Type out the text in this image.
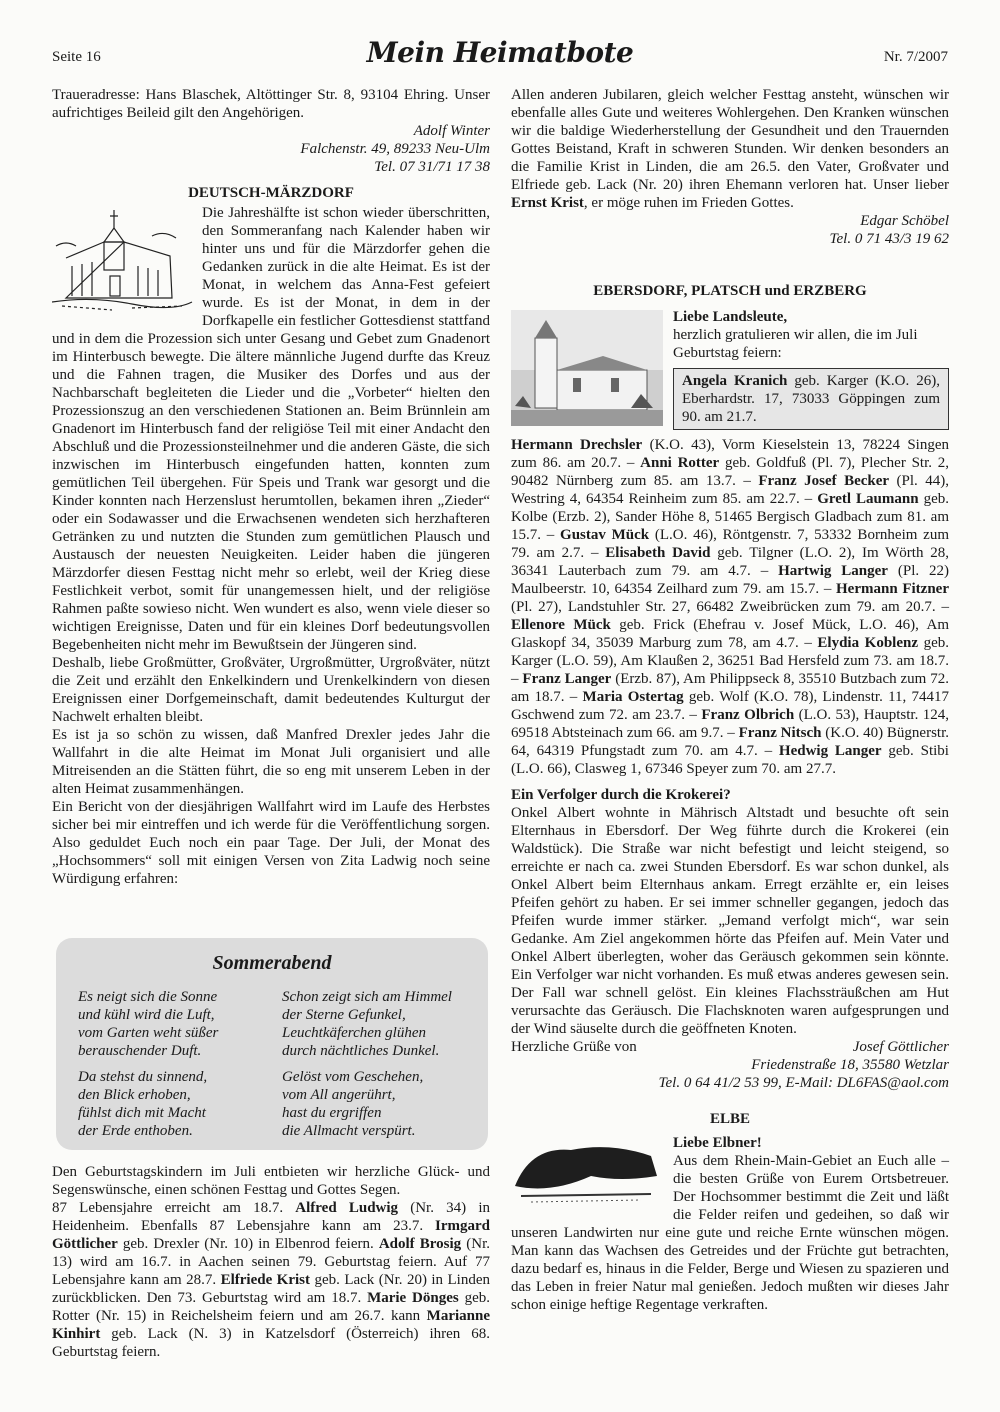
Seite 16	Mein Heimatbote	Nr. 7/2007

Traueradresse: Hans Blaschek, Altöttinger Str. 8, 93104 Ehring. Unser aufrichtiges Beileid gilt den Angehörigen.

Adolf Winter

Falchenstr. 49, 89233 Neu-Ulm

Tel. 07 31/71 17 38

DEUTSCH-MÄRZDORF

Die Jahreshälfte ist schon wieder überschritten, den Sommeranfang nach Kalender haben wir hinter uns und für die Märzdorfer gehen die Gedanken zurück in die alte Heimat. Es ist der Monat, in welchem das Anna-Fest gefeiert wurde. Es ist der Monat, in dem in der Dorfkapelle ein festlicher Gottesdienst stattfand und in dem die Prozession sich unter Gesang und Gebet zum Gnadenort im Hinterbusch bewegte. Die ältere männliche Jugend durfte das Kreuz und die Fahnen tragen, die Musiker des Dorfes und aus der Nachbarschaft begleiteten die Lieder und die „Vorbeter“ hielten den Prozessionszug an den verschiedenen Stationen an. Beim Brünnlein am Gnadenort im Hinterbusch fand der religiöse Teil mit einer Andacht den Abschluß und die Prozessionsteilnehmer und die anderen Gäste, die sich inzwischen im Hinterbusch eingefunden hatten, konnten zum gemütlichen Teil übergehen. Für Speis und Trank war gesorgt und die Kinder konnten nach Herzenslust herumtollen, bekamen ihren „Zieder“ oder ein Sodawasser und die Erwachsenen wendeten sich herzhafteren Getränken zu und nutzten die Stunden zum gemütlichen Plausch und Austausch der neuesten Neuigkeiten. Leider haben die jüngeren Märzdorfer diesen Festtag nicht mehr so erlebt, weil der Krieg diese Festlichkeit verbot, somit für unangemessen hielt, und der religiöse Rahmen paßte sowieso nicht. Wen wundert es also, wenn viele dieser so wichtigen Ereignisse, Daten und für ein kleines Dorf bedeutungsvollen Begebenheiten nicht mehr im Bewußtsein der Jüngeren sind.

Deshalb, liebe Großmütter, Großväter, Urgroßmütter, Urgroßväter, nützt die Zeit und erzählt den Enkelkindern und Urenkelkindern von diesen Ereignissen einer Dorfgemeinschaft, damit bedeutendes Kulturgut der Nachwelt erhalten bleibt.

Es ist ja so schön zu wissen, daß Manfred Drexler jedes Jahr die Wallfahrt in die alte Heimat im Monat Juli organisiert und alle Mitreisenden an die Stätten führt, die so eng mit unserem Leben in der alten Heimat zusammenhängen.

Ein Bericht von der diesjährigen Wallfahrt wird im Laufe des Herbstes sicher bei mir eintreffen und ich werde für die Veröffentlichung sorgen. Also geduldet Euch noch ein paar Tage. Der Juli, der Monat des „Hochsommers“ soll mit einigen Versen von Zita Ladwig noch seine Würdigung erfahren:

Sommerabend
Es neigt sich die Sonne
und kühl wird die Luft,
vom Garten weht süßer
berauschender Duft.
Schon zeigt sich am Himmel
der Sterne Gefunkel,
Leuchtkäferchen glühen
durch nächtliches Dunkel.
Da stehst du sinnend,
den Blick erhoben,
fühlst dich mit Macht
der Erde enthoben.
Gelöst vom Geschehen,
vom All angerührt,
hast du ergriffen
die Allmacht verspürt.

Den Geburtstagskindern im Juli entbieten wir herzliche Glück- und Segenswünsche, einen schönen Festtag und Gottes Segen.

87 Lebensjahre erreicht am 18.7. Alfred Ludwig (Nr. 34) in Heidenheim. Ebenfalls 87 Lebensjahre kann am 23.7. Irmgard Göttlicher geb. Drexler (Nr. 10) in Elbenrod feiern. Adolf Brosig (Nr. 13) wird am 16.7. in Aachen seinen 79. Geburtstag feiern. Auf 77 Lebensjahre kann am 28.7. Elfriede Krist geb. Lack (Nr. 20) in Linden zurückblicken. Den 73. Geburtstag wird am 18.7. Marie Dönges geb. Rotter (Nr. 15) in Reichelsheim feiern und am 26.7. kann Marianne Kinhirt geb. Lack (N. 3) in Katzelsdorf (Österreich) ihren 68. Geburtstag feiern.

Allen anderen Jubilaren, gleich welcher Festtag ansteht, wünschen wir ebenfalle alles Gute und weiteres Wohlergehen. Den Kranken wünschen wir die baldige Wiederherstellung der Gesundheit und den Trauernden Gottes Beistand, Kraft in schweren Stunden. Wir denken besonders an die Familie Krist in Linden, die am 26.5. den Vater, Großvater und Elfriede geb. Lack (Nr. 20) ihren Ehemann verloren hat. Unser lieber Ernst Krist, er möge ruhen im Frieden Gottes.

Edgar Schöbel

Tel. 0 71 43/3 19 62

EBERSDORF, PLATSCH und ERZBERG

Liebe Landsleute,

herzlich gratulieren wir allen, die im Juli Geburtstag feiern:

Angela Kranich geb. Karger (K.O. 26), Eberhardstr. 17, 73033 Göppingen zum 90. am 21.7.

Hermann Drechsler (K.O. 43), Vorm Kieselstein 13, 78224 Singen zum 86. am 20.7. – Anni Rotter geb. Goldfuß (Pl. 7), Plecher Str. 2, 90482 Nürnberg zum 85. am 13.7. – Franz Josef Becker (Pl. 44), Westring 4, 64354 Reinheim zum 85. am 22.7. – Gretl Laumann geb. Kolbe (Erzb. 2), Sander Höhe 8, 51465 Bergisch Gladbach zum 81. am 15.7. – Gustav Mück (L.O. 46), Röntgenstr. 7, 53332 Bornheim zum 79. am 2.7. – Elisabeth David geb. Tilgner (L.O. 2), Im Wörth 28, 36341 Lauterbach zum 79. am 4.7. – Hartwig Langer (Pl. 22) Maulbeerstr. 10, 64354 Zeilhard zum 79. am 15.7. – Hermann Fitzner (Pl. 27), Landstuhler Str. 27, 66482 Zweibrücken zum 79. am 20.7. – Ellenore Mück geb. Frick (Ehefrau v. Josef Mück, L.O. 46), Am Glaskopf 34, 35039 Marburg zum 78, am 4.7. – Elydia Koblenz geb. Karger (L.O. 59), Am Klaußen 2, 36251 Bad Hersfeld zum 73. am 18.7. – Franz Langer (Erzb. 87), Am Philippseck 8, 35510 Butzbach zum 72. am 18.7. – Maria Ostertag geb. Wolf (K.O. 78), Lindenstr. 11, 74417 Gschwend zum 72. am 23.7. – Franz Olbrich (L.O. 53), Hauptstr. 124, 69518 Abtsteinach zum 66. am 9.7. – Franz Nitsch (K.O. 40) Bügnerstr. 64, 64319 Pfungstadt zum 70. am 4.7. – Hedwig Langer geb. Stibi (L.O. 66), Clasweg 1, 67346 Speyer zum 70. am 27.7.

Ein Verfolger durch die Krokerei?

Onkel Albert wohnte in Mährisch Altstadt und besuchte oft sein Elternhaus in Ebersdorf. Der Weg führte durch die Krokerei (ein Waldstück). Die Straße war nicht befestigt und leicht steigend, so erreichte er nach ca. zwei Stunden Ebersdorf. Es war schon dunkel, als Onkel Albert beim Elternhaus ankam. Erregt erzählte er, ein leises Pfeifen gehört zu haben. Er sei immer schneller gegangen, jedoch das Pfeifen wurde immer stärker. „Jemand verfolgt mich“, war sein Gedanke. Am Ziel angekommen hörte das Pfeifen auf. Mein Vater und Onkel Albert überlegten, woher das Geräusch gekommen sein könnte. Ein Verfolger war nicht vorhanden. Es muß etwas anderes gewesen sein. Der Fall war schnell gelöst. Ein kleines Flachssträußchen am Hut verursachte das Geräusch. Die Flachsknoten waren aufgesprungen und der Wind säuselte durch die geöffneten Knoten.

Herzliche Grüße von	Josef Göttlicher

Friedenstraße 18, 35580 Wetzlar

Tel. 0 64 41/2 53 99, E-Mail: DL6FAS@aol.com

ELBE

Liebe Elbner!

Aus dem Rhein-Main-Gebiet an Euch alle – die besten Grüße von Eurem Ortsbetreuer. Der Hochsommer bestimmt die Zeit und läßt die Felder reifen und gedeihen, so daß wir unseren Landwirten nur eine gute und reiche Ernte wünschen mögen. Man kann das Wachsen des Getreides und der Früchte gut betrachten, dazu bedarf es, hinaus in die Felder, Berge und Wiesen zu spazieren und das Leben in freier Natur mal genießen. Jedoch mußten wir dieses Jahr schon einige heftige Regentage verkraften.
